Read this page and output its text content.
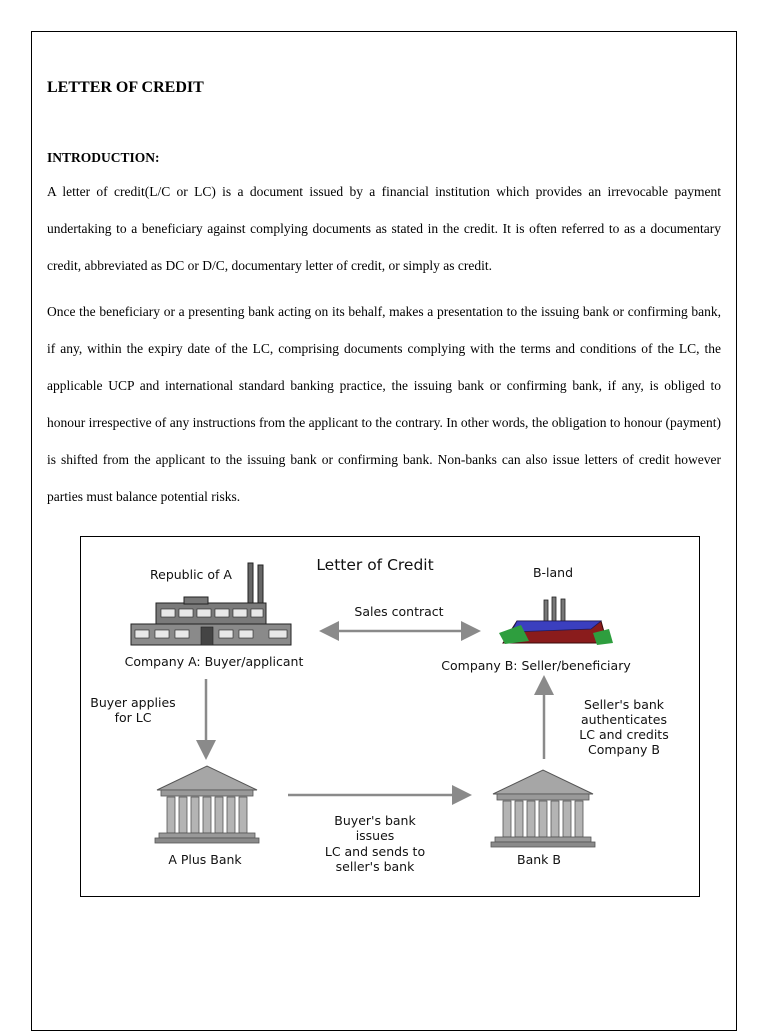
LETTER OF CREDIT
INTRODUCTION:

A letter of credit(L/C or LC) is a document issued by a financial institution which provides an irrevocable payment undertaking to a beneficiary against complying documents as stated in the credit. It is often referred to as a documentary credit, abbreviated as DC or D/C, documentary letter of credit, or simply as credit.

Once the beneficiary or a presenting bank acting on its behalf, makes a presentation to the issuing bank or confirming bank, if any, within the expiry date of the LC, comprising documents complying with the terms and conditions of the LC, the applicable UCP and international standard banking practice, the issuing bank or confirming bank, if any, is obliged to honour irrespective of any instructions from the applicant to the contrary. In other words, the obligation to honour (payment) is shifted from the applicant to the issuing bank or confirming bank. Non-banks can also issue letters of credit however parties must balance potential risks.

Letter of Credit
Republic of A	B-land
Sales contract
Company A: Buyer/applicant	Company B: Seller/beneficiary
Buyer applies
for LC
Seller's bank
authenticates
LC and credits
Company B
A Plus Bank	Bank B
Buyer's bank
issues
LC and sends to
seller's bank
